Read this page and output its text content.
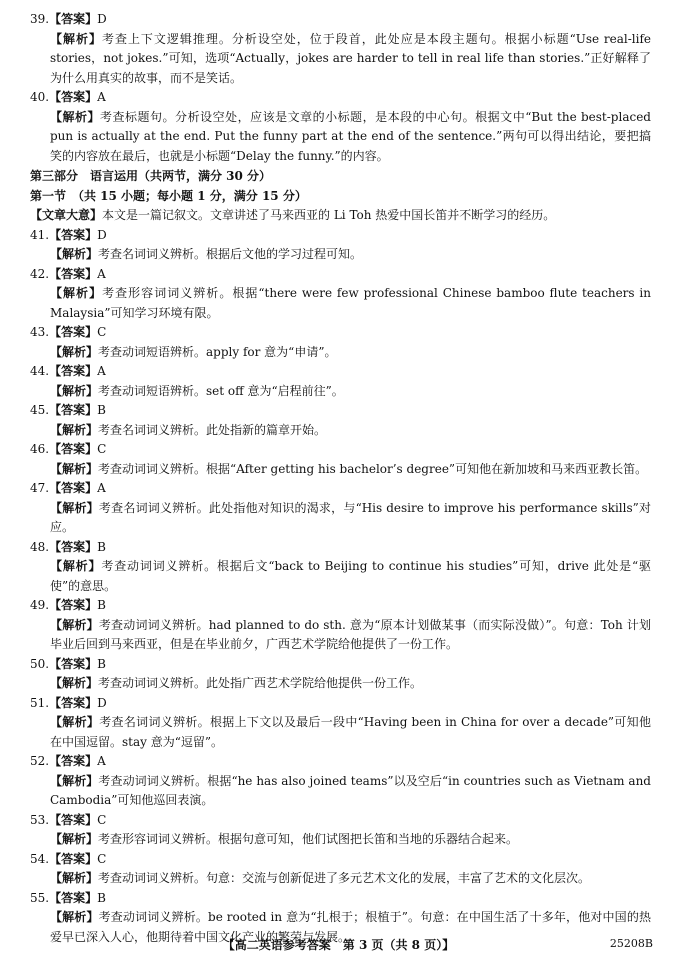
39.【答案】D
【解析】考查上下文逻辑推理。分析设空处，位于段首，此处应是本段主题句。根据小标题“Use real-life stories，not jokes.”可知，选项“Actually，jokes are harder to tell in real life than stories.”正好解释了为什么用真实的故事，而不是笑话。
40.【答案】A
【解析】考查标题句。分析设空处，应该是文章的小标题，是本段的中心句。根据文中“But the best-placed pun is actually at the end. Put the funny part at the end of the sentence.”两句可以得出结论，要把搞笑的内容放在最后，也就是小标题“Delay the funny.”的内容。
第三部分　语言运用（共两节，满分 30 分）
第一节　（共 15 小题；每小题 1 分，满分 15 分）
【文章大意】本文是一篇记叙文。文章讲述了马来西亚的 Li Toh 热爱中国长笛并不断学习的经历。
41.【答案】D
【解析】考查名词词义辨析。根据后文他的学习过程可知。
42.【答案】A
【解析】考查形容词词义辨析。根据“there were few professional Chinese bamboo flute teachers in Malaysia”可知学习环境有限。
43.【答案】C
【解析】考查动词短语辨析。apply for 意为“申请”。
44.【答案】A
【解析】考查动词短语辨析。set off 意为“启程前往”。
45.【答案】B
【解析】考查名词词义辨析。此处指新的篇章开始。
46.【答案】C
【解析】考查动词词义辨析。根据“After getting his bachelor’s degree”可知他在新加坡和马来西亚教长笛。
47.【答案】A
【解析】考查名词词义辨析。此处指他对知识的渴求，与“His desire to improve his performance skills”对应。
48.【答案】B
【解析】考查动词词义辨析。根据后文“back to Beijing to continue his studies”可知，drive 此处是“驱使”的意思。
49.【答案】B
【解析】考查动词词义辨析。had planned to do sth. 意为“原本计划做某事（而实际没做）”。句意：Toh 计划毕业后回到马来西亚，但是在毕业前夕，广西艺术学院给他提供了一份工作。
50.【答案】B
【解析】考查动词词义辨析。此处指广西艺术学院给他提供一份工作。
51.【答案】D
【解析】考查名词词义辨析。根据上下文以及最后一段中“Having been in China for over a decade”可知他在中国逗留。stay 意为“逗留”。
52.【答案】A
【解析】考查动词词义辨析。根据“he has also joined teams”以及空后“in countries such as Vietnam and Cambodia”可知他巡回表演。
53.【答案】C
【解析】考查形容词词义辨析。根据句意可知，他们试图把长笛和当地的乐器结合起来。
54.【答案】C
【解析】考查动词词义辨析。句意：交流与创新促进了多元艺术文化的发展，丰富了艺术的文化层次。
55.【答案】B
【解析】考查动词词义辨析。be rooted in 意为“扎根于；根植于”。句意：在中国生活了十多年，他对中国的热爱早已深入人心，他期待着中国文化产业的繁荣与发展。
【高二英语参考答案　第 3 页（共 8 页）】	25208B
